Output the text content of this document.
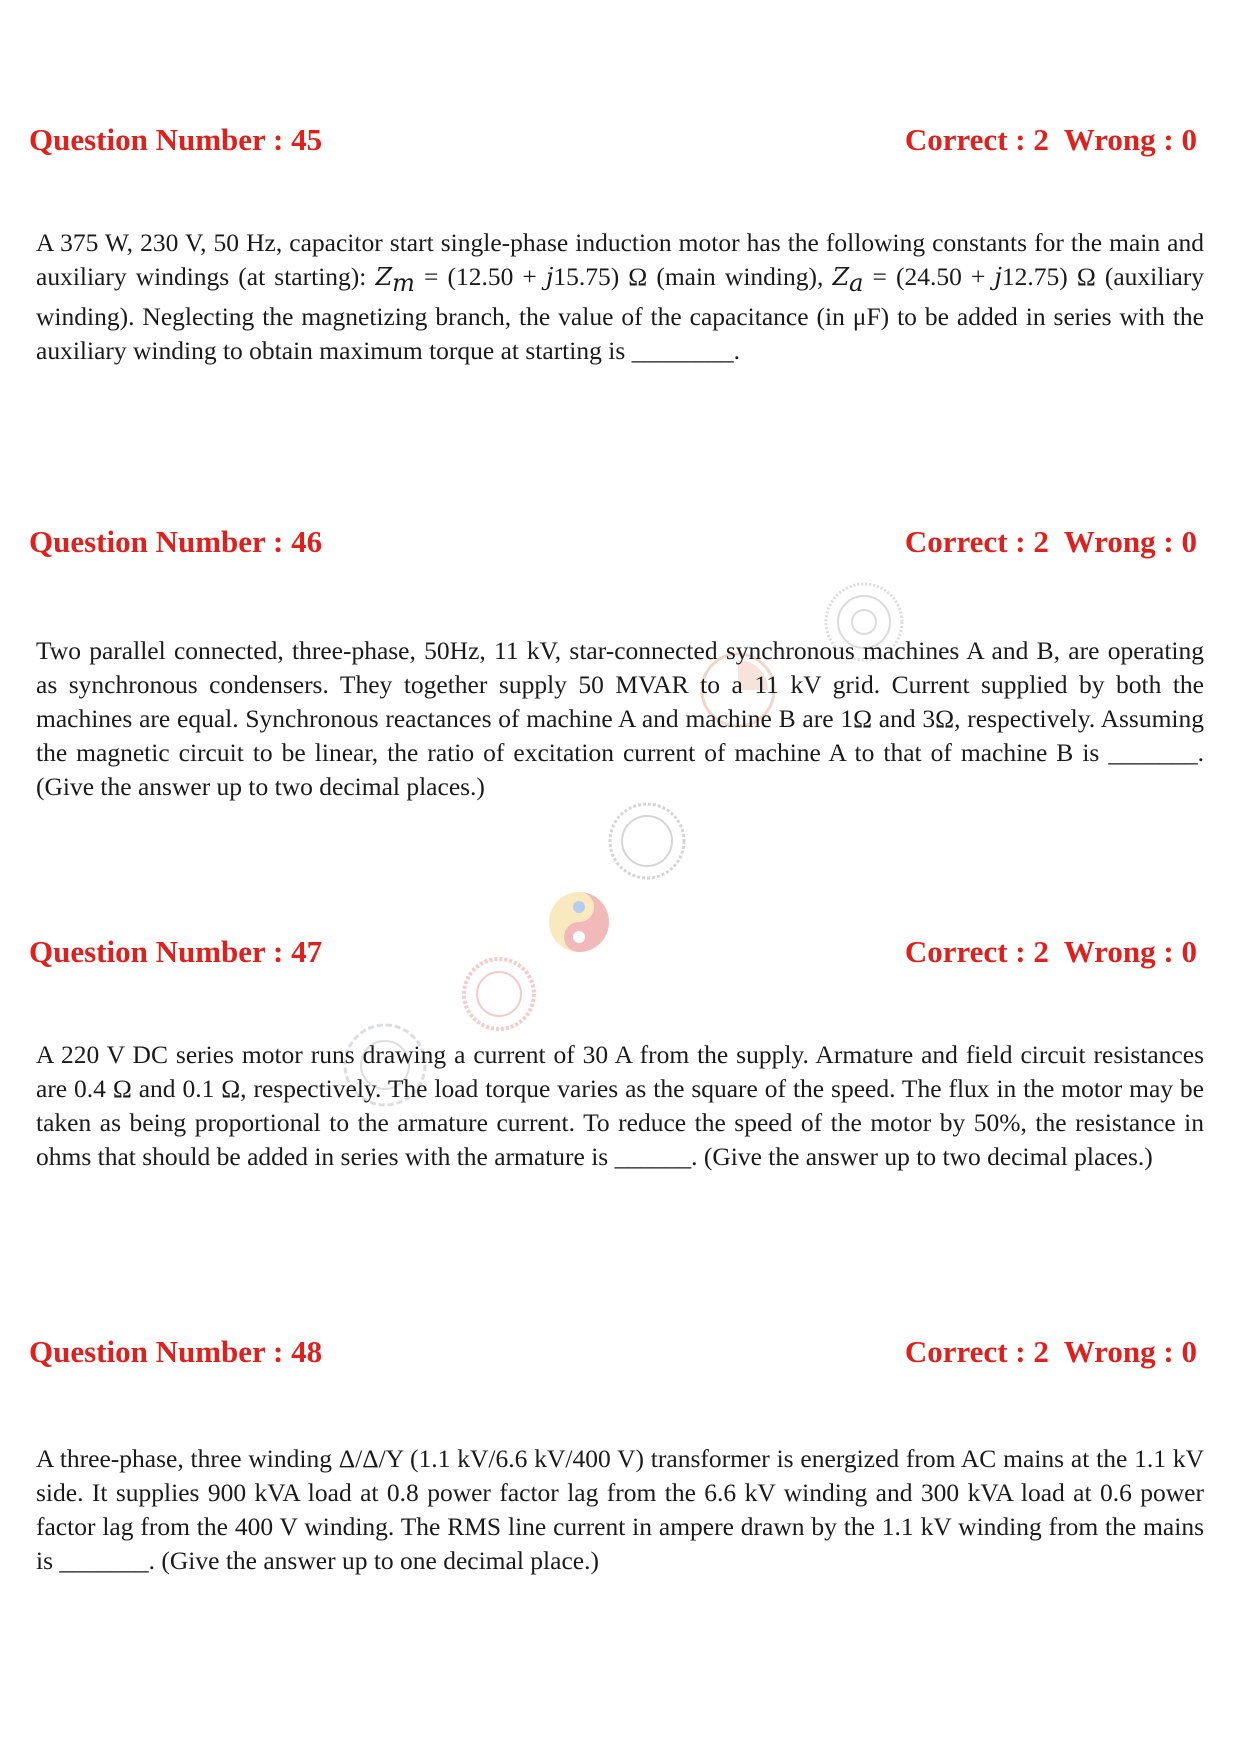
Question Number : 45	Correct : 2 Wrong : 0

A 375 W, 230 V, 50 Hz, capacitor start single-phase induction motor has the following constants for the main and auxiliary windings (at starting): $Z_m = (12.50 + j15.75)$ Ω (main winding), $Z_a = (24.50 + j12.75)$ Ω (auxiliary winding). Neglecting the magnetizing branch, the value of the capacitance (in μF) to be added in series with the auxiliary winding to obtain maximum torque at starting is ________.

Question Number : 46	Correct : 2 Wrong : 0

Two parallel connected, three-phase, 50Hz, 11 kV, star-connected synchronous machines A and B, are operating as synchronous condensers. They together supply 50 MVAR to a 11 kV grid. Current supplied by both the machines are equal. Synchronous reactances of machine A and machine B are 1Ω and 3Ω, respectively. Assuming the magnetic circuit to be linear, the ratio of excitation current of machine A to that of machine B is _______. (Give the answer up to two decimal places.)

Question Number : 47	Correct : 2 Wrong : 0

A 220 V DC series motor runs drawing a current of 30 A from the supply. Armature and field circuit resistances are 0.4 Ω and 0.1 Ω, respectively. The load torque varies as the square of the speed. The flux in the motor may be taken as being proportional to the armature current. To reduce the speed of the motor by 50%, the resistance in ohms that should be added in series with the armature is ______. (Give the answer up to two decimal places.)

Question Number : 48	Correct : 2 Wrong : 0

A three-phase, three winding Δ/Δ/Y (1.1 kV/6.6 kV/400 V) transformer is energized from AC mains at the 1.1 kV side. It supplies 900 kVA load at 0.8 power factor lag from the 6.6 kV winding and 300 kVA load at 0.6 power factor lag from the 400 V winding. The RMS line current in ampere drawn by the 1.1 kV winding from the mains is _______. (Give the answer up to one decimal place.)
